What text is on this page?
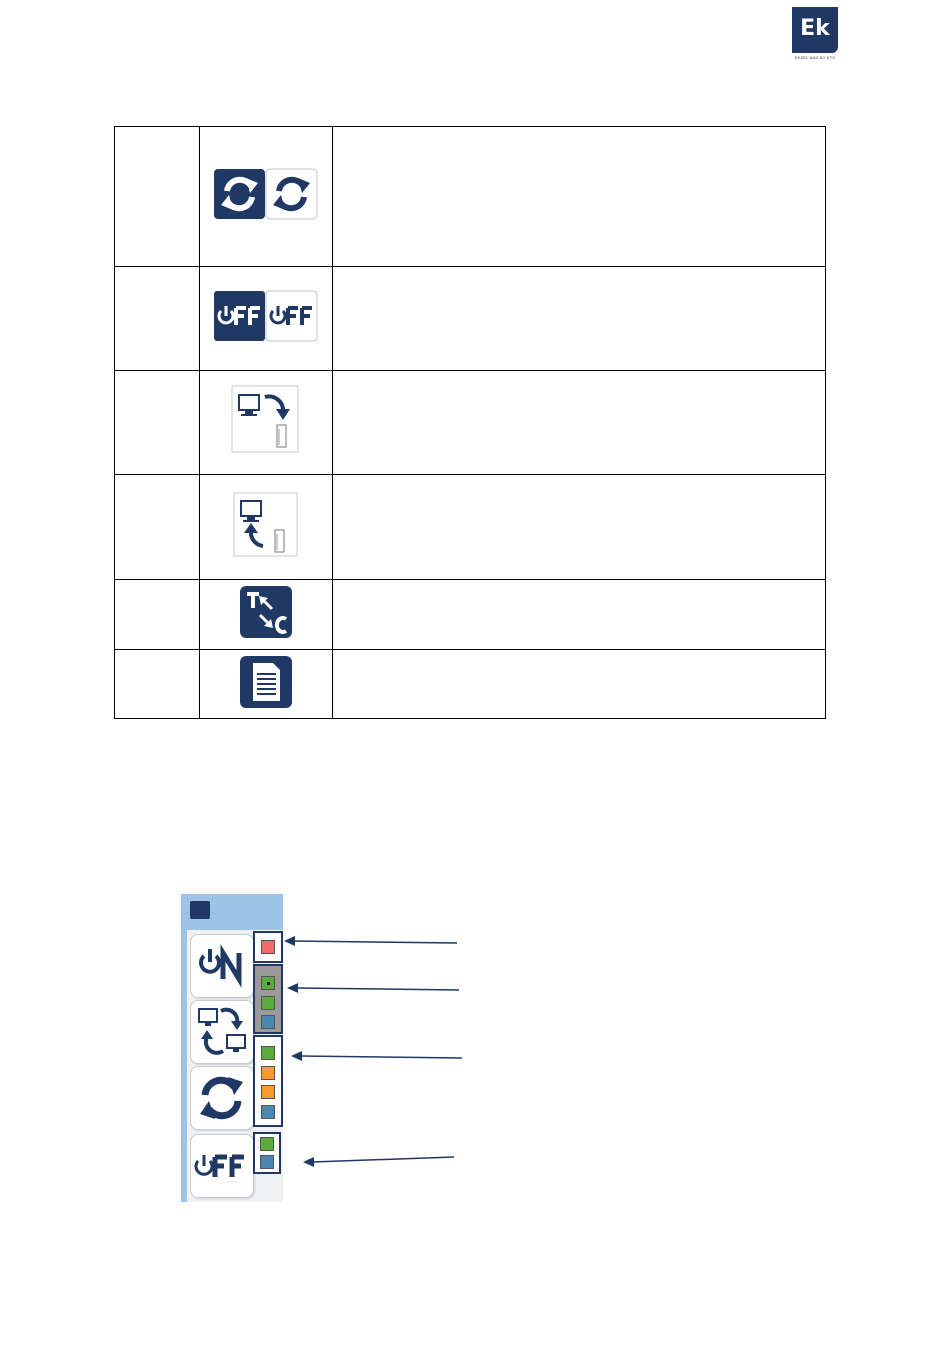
Ek
EKSEL AND BY KTS
